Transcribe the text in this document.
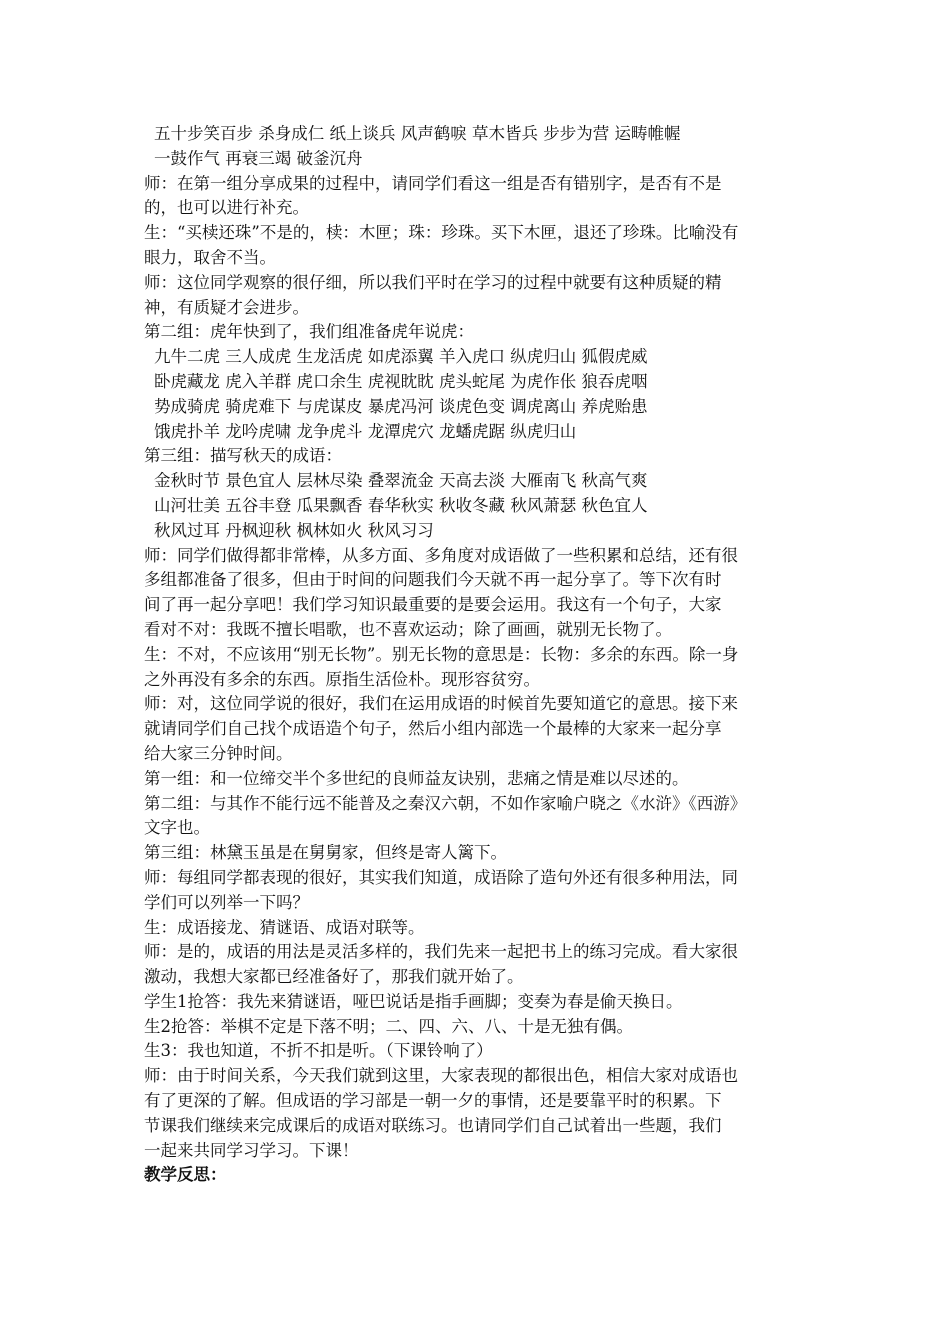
五十步笑百步 杀身成仁 纸上谈兵 风声鹤唳 草木皆兵 步步为营 运畴帷幄
一鼓作气 再衰三竭 破釜沉舟
师：在第一组分享成果的过程中，请同学们看这一组是否有错别字，是否有不是
的，也可以进行补充。
生：“买椟还珠”不是的，椟：木匣；珠：珍珠。买下木匣，退还了珍珠。比喻没有
眼力，取舍不当。
师：这位同学观察的很仔细，所以我们平时在学习的过程中就要有这种质疑的精
神，有质疑才会进步。
第二组：虎年快到了，我们组准备虎年说虎：
九牛二虎 三人成虎 生龙活虎 如虎添翼 羊入虎口 纵虎归山 狐假虎威
卧虎藏龙 虎入羊群 虎口余生 虎视眈眈 虎头蛇尾 为虎作伥 狼吞虎咽
势成骑虎 骑虎难下 与虎谋皮 暴虎冯河 谈虎色变 调虎离山 养虎贻患
饿虎扑羊 龙吟虎啸 龙争虎斗 龙潭虎穴 龙蟠虎踞 纵虎归山
第三组：描写秋天的成语：
金秋时节 景色宜人 层林尽染 叠翠流金 天高去淡 大雁南飞 秋高气爽
山河壮美 五谷丰登 瓜果飘香 春华秋实 秋收冬藏 秋风萧瑟 秋色宜人
秋风过耳 丹枫迎秋 枫林如火 秋风习习
师：同学们做得都非常棒，从多方面、多角度对成语做了一些积累和总结，还有很
多组都准备了很多，但由于时间的问题我们今天就不再一起分享了。等下次有时
间了再一起分享吧！我们学习知识最重要的是要会运用。我这有一个句子，大家
看对不对：我既不擅长唱歌，也不喜欢运动；除了画画，就别无长物了。
生：不对，不应该用“别无长物”。别无长物的意思是：长物：多余的东西。除一身
之外再没有多余的东西。原指生活俭朴。现形容贫穷。
师：对，这位同学说的很好，我们在运用成语的时候首先要知道它的意思。接下来
就请同学们自己找个成语造个句子，然后小组内部选一个最棒的大家来一起分享
给大家三分钟时间。
第一组：和一位缔交半个多世纪的良师益友诀别，悲痛之情是难以尽述的。
第二组：与其作不能行远不能普及之秦汉六朝，不如作家喻户晓之《水浒》《西游》
文字也。
第三组：林黛玉虽是在舅舅家，但终是寄人篱下。
师：每组同学都表现的很好，其实我们知道，成语除了造句外还有很多种用法，同
学们可以列举一下吗？
生：成语接龙、猜谜语、成语对联等。
师：是的，成语的用法是灵活多样的，我们先来一起把书上的练习完成。看大家很
激动，我想大家都已经准备好了，那我们就开始了。
学生1抢答：我先来猜谜语，哑巴说话是指手画脚；变奏为春是偷天换日。
生2抢答：举棋不定是下落不明；二、四、六、八、十是无独有偶。
生3：我也知道，不折不扣是听。（下课铃响了）
师：由于时间关系，今天我们就到这里，大家表现的都很出色，相信大家对成语也
有了更深的了解。但成语的学习部是一朝一夕的事情，还是要靠平时的积累。下
节课我们继续来完成课后的成语对联练习。也请同学们自己试着出一些题，我们
一起来共同学习学习。下课！
教学反思：
